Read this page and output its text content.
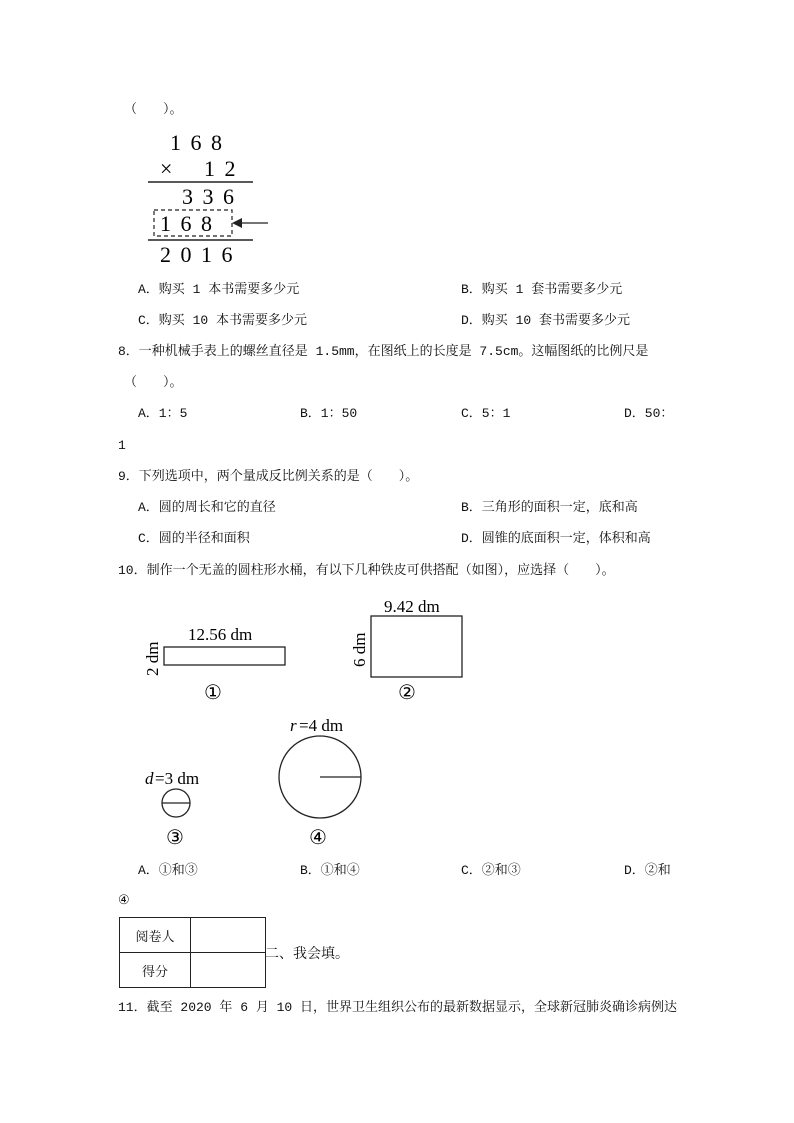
（　　）。
1 6 8
× 1 2
3 3 6
1 6 8
2 0 1 6
A．购买 1 本书需要多少元	B．购买 1 套书需要多少元
C．购买 10 本书需要多少元	D．购买 10 套书需要多少元
8．一种机械手表上的螺丝直径是 1.5mm，在图纸上的长度是 7.5cm。这幅图纸的比例尺是
（　　）。
A．1：5	B．1：50	C．5：1	D．50：
1
9．下列选项中，两个量成反比例关系的是（　　）。
A．圆的周长和它的直径	B．三角形的面积一定，底和高
C．圆的半径和面积	D．圆锥的底面积一定，体积和高
10．制作一个无盖的圆柱形水桶，有以下几种铁皮可供搭配（如图），应选择（　　）。
12.56 dm
2 dm
①
9.42 dm
6 dm
②
d =3 dm
③
r =4 dm
④
A．①和③	B．①和④	C．②和③	D．②和
④
阅卷人	
得分	
二、我会填。
11．截至 2020 年 6 月 10 日，世界卫生组织公布的最新数据显示，全球新冠肺炎确诊病例达
